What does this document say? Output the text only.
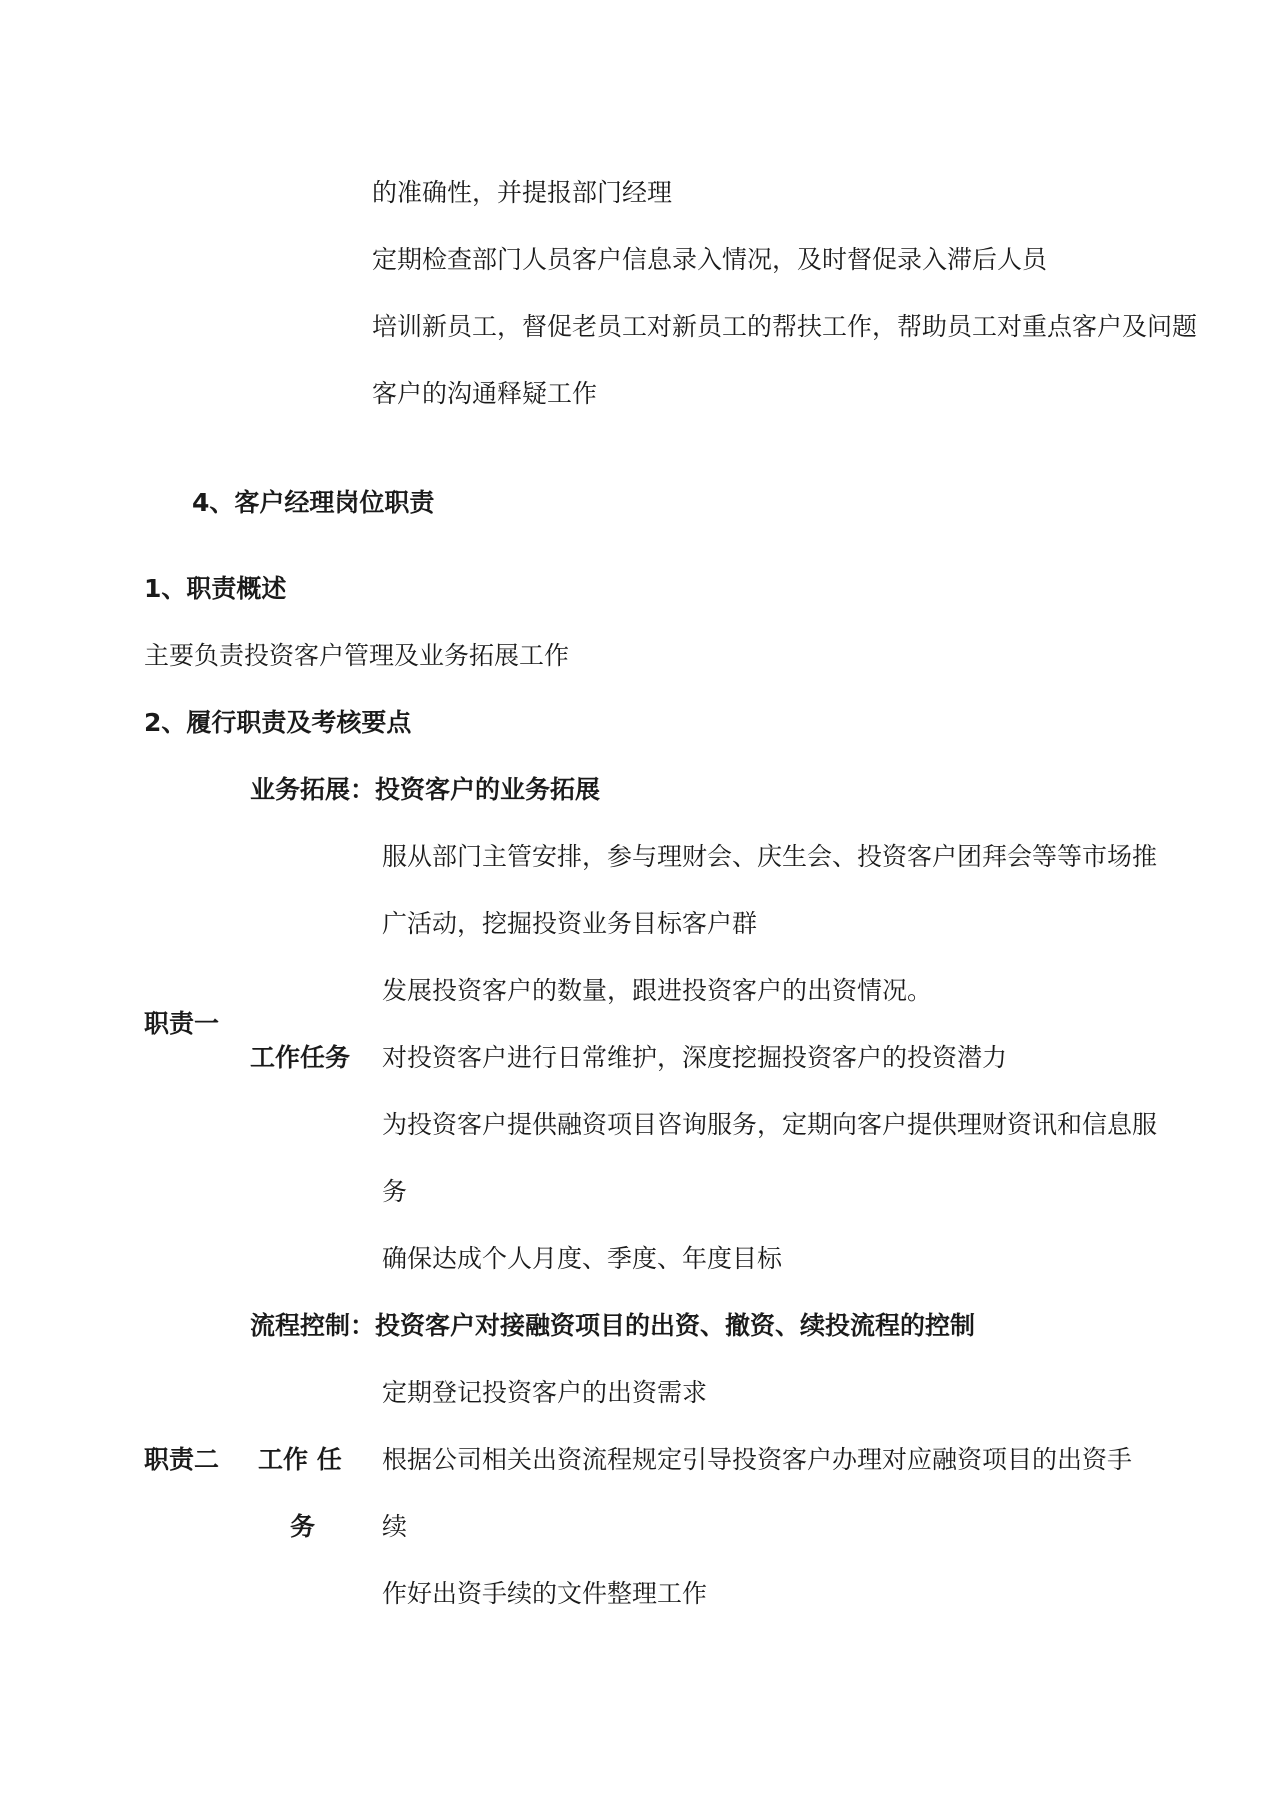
的准确性，并提报部门经理
定期检查部门人员客户信息录入情况，及时督促录入滞后人员
培训新员工，督促老员工对新员工的帮扶工作，帮助员工对重点客户及问题
客户的沟通释疑工作
4、客户经理岗位职责
1、职责概述
主要负责投资客户管理及业务拓展工作
2、履行职责及考核要点
业务拓展：投资客户的业务拓展
服从部门主管安排，参与理财会、庆生会、投资客户团拜会等等市场推
广活动，挖掘投资业务目标客户群
发展投资客户的数量，跟进投资客户的出资情况。
职责一
工作任务 对投资客户进行日常维护，深度挖掘投资客户的投资潜力
为投资客户提供融资项目咨询服务，定期向客户提供理财资讯和信息服
务
确保达成个人月度、季度、年度目标
流程控制：投资客户对接融资项目的出资、撤资、续投流程的控制
定期登记投资客户的出资需求
职责二 工作 任 根据公司相关出资流程规定引导投资客户办理对应融资项目的出资手
务	续
作好出资手续的文件整理工作
